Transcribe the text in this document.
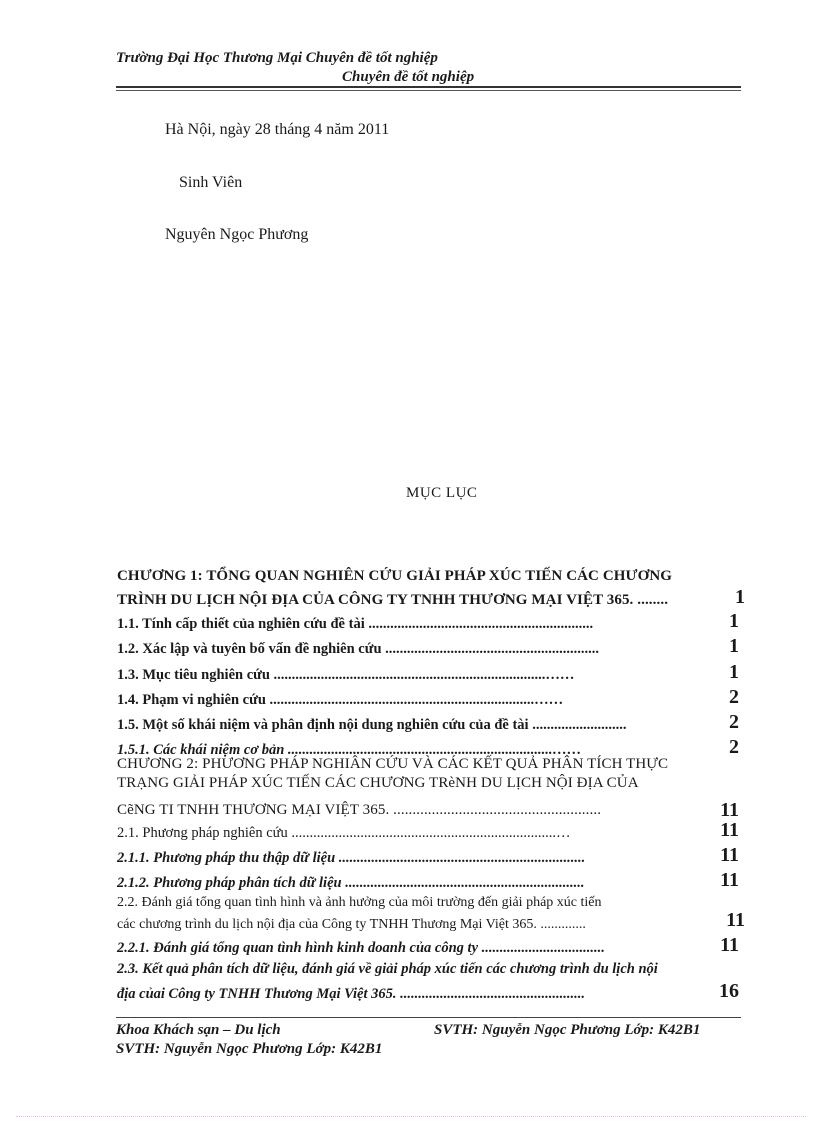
Trường Đại Học Thương Mại Chuyên đề tốt nghiệp
Chuyên đề tốt nghiệp
Hà Nội, ngày 28 tháng 4 năm 2011
Sinh Viên
Nguyên Ngọc Phương
MỤC LỤC
CHƯƠNG 1: TỔNG QUAN NGHIÊN CỨU GIẢI PHÁP XÚC TIẾN CÁC CHƯƠNG
TRÌNH DU LỊCH NỘI ĐỊA CỦA CÔNG TY TNHH THƯƠNG MẠI VIỆT 365. ........	1
1.1. Tính cấp thiết của nghiên cứu đề tài ..............................................................	1
1.2. Xác lập và tuyên bố vấn đề nghiên cứu ...........................................................	1
1.3. Mục tiêu nghiên cứu ...........................................................................……	1
1.4. Phạm vi nghiên cứu .........................................................................……	2
1.5. Một số khái niệm và phân định nội dung nghiên cứu của đề tài ..........................	2
1.5.1. Các khái niệm cơ bản .........................................................................……	2
CHƯƠNG 2: PHƯƠNG PHÁP NGHIÂN CỨU VÀ CÁC KẾT QUẢ PHÂN TÍCH THỰC
TRẠNG GIẢI PHÁP XÚC TIẾN CÁC CHƯƠNG TRèNH DU LỊCH NỘI ĐỊA CỦA
CẽNG TI TNHH THƯƠNG MẠI VIỆT 365. ......................................................	11
2.1. Phương pháp nghiên cứu .........................................................................…	11
2.1.1. Phương pháp thu thập dữ liệu ....................................................................	11
2.1.2. Phương pháp phân tích dữ liệu ..................................................................	11
2.2. Đánh giá tổng quan tình hình và ảnh hưởng của môi trường đến giải pháp xúc tiến
các chương trình du lịch nội địa của Công ty TNHH Thương Mại Việt 365. .............	11
2.2.1. Đánh giá tổng quan tình hình kinh doanh của công ty ..................................	11
2.3. Kết quả phân tích dữ liệu, đánh giá về giải pháp xúc tiến các chương trình du lịch nội
địa củai Công ty TNHH Thương Mại Việt 365. ...................................................	16
Khoa Khách sạn – Du lịch	SVTH: Nguyễn Ngọc Phương Lớp: K42B1
SVTH: Nguyễn Ngọc Phương Lớp: K42B1
